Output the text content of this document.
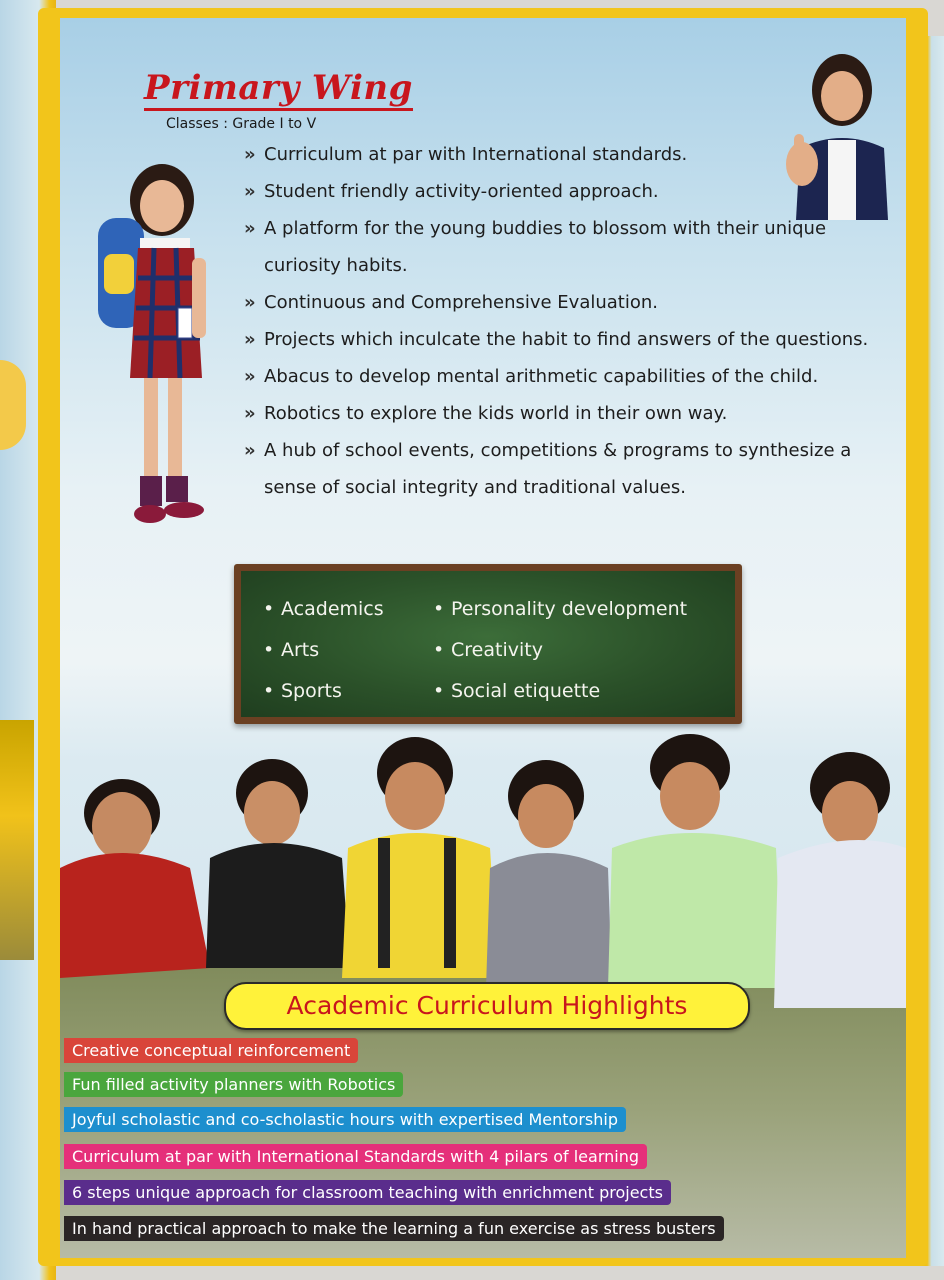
Primary Wing
Classes : Grade I to V
» Curriculum at par with International standards.
» Student friendly activity-oriented approach.
» A platform for the young buddies to blossom with their unique curiosity habits.
» Continuous and Comprehensive Evaluation.
» Projects which inculcate the habit to find answers of the questions.
» Abacus to develop mental arithmetic capabilities of the child.
» Robotics to explore the kids world in their own way.
» A hub of school events, competitions & programs to synthesize a sense of social integrity and traditional values.
• Academics
• Arts
• Sports
• Personality development
• Creativity
• Social etiquette
Academic Curriculum Highlights
Creative conceptual reinforcement
Fun filled activity planners with Robotics
Joyful scholastic and co-scholastic hours with expertised Mentorship
Curriculum at par with International Standards with 4 pilars of learning
6 steps unique approach for classroom teaching with enrichment projects
In hand practical approach to make the learning a fun exercise as stress busters
